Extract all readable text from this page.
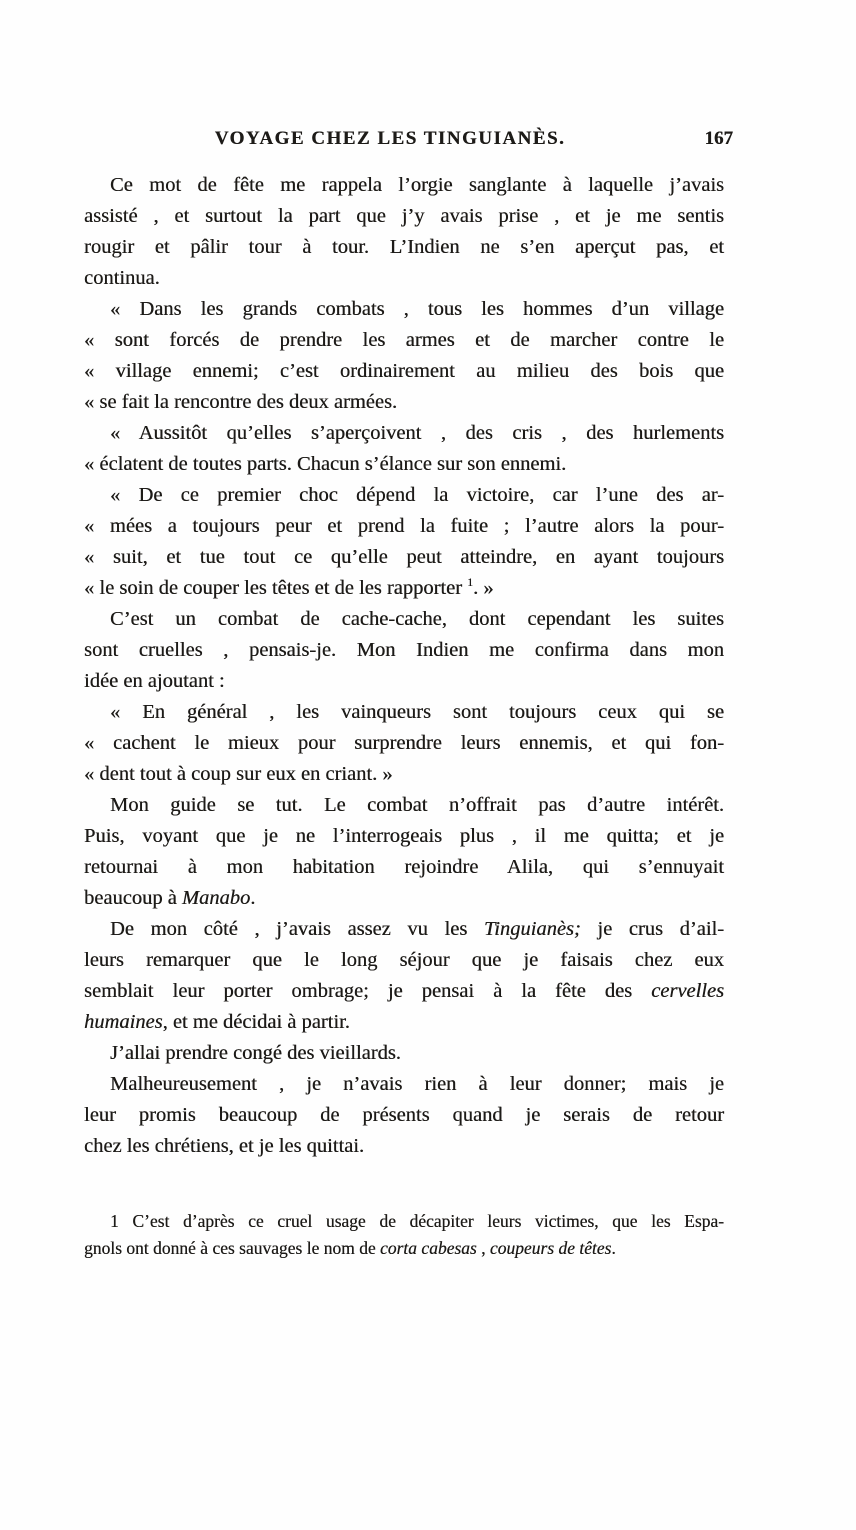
VOYAGE CHEZ LES TINGUIANÈS.	167
Ce mot de fête me rappela l’orgie sanglante à laquelle j’avais
assisté , et surtout la part que j’y avais prise , et je me sentis
rougir et pâlir tour à tour. L’Indien ne s’en aperçut pas, et
continua.
« Dans les grands combats , tous les hommes d’un village
« sont forcés de prendre les armes et de marcher contre le
« village ennemi; c’est ordinairement au milieu des bois que
« se fait la rencontre des deux armées.
« Aussitôt qu’elles s’aperçoivent , des cris , des hurlements
« éclatent de toutes parts. Chacun s’élance sur son ennemi.
« De ce premier choc dépend la victoire, car l’une des ar-
« mées a toujours peur et prend la fuite ; l’autre alors la pour-
« suit, et tue tout ce qu’elle peut atteindre, en ayant toujours
« le soin de couper les têtes et de les rapporter $^1$. »
C’est un combat de cache-cache, dont cependant les suites
sont cruelles , pensais-je. Mon Indien me confirma dans mon
idée en ajoutant :
« En général , les vainqueurs sont toujours ceux qui se
« cachent le mieux pour surprendre leurs ennemis, et qui fon-
« dent tout à coup sur eux en criant. »
Mon guide se tut. Le combat n’offrait pas d’autre intérêt.
Puis, voyant que je ne l’interrogeais plus , il me quitta; et je
retournai à mon habitation rejoindre Alila, qui s’ennuyait
beaucoup à Manabo.
De mon côté , j’avais assez vu les Tinguianès; je crus d’ail-
leurs remarquer que le long séjour que je faisais chez eux
semblait leur porter ombrage; je pensai à la fête des cervelles
humaines, et me décidai à partir.
J’allai prendre congé des vieillards.
Malheureusement , je n’avais rien à leur donner; mais je
leur promis beaucoup de présents quand je serais de retour
chez les chrétiens, et je les quittai.
1 C’est d’après ce cruel usage de décapiter leurs victimes, que les Espa-
gnols ont donné à ces sauvages le nom de corta cabesas , coupeurs de têtes.
